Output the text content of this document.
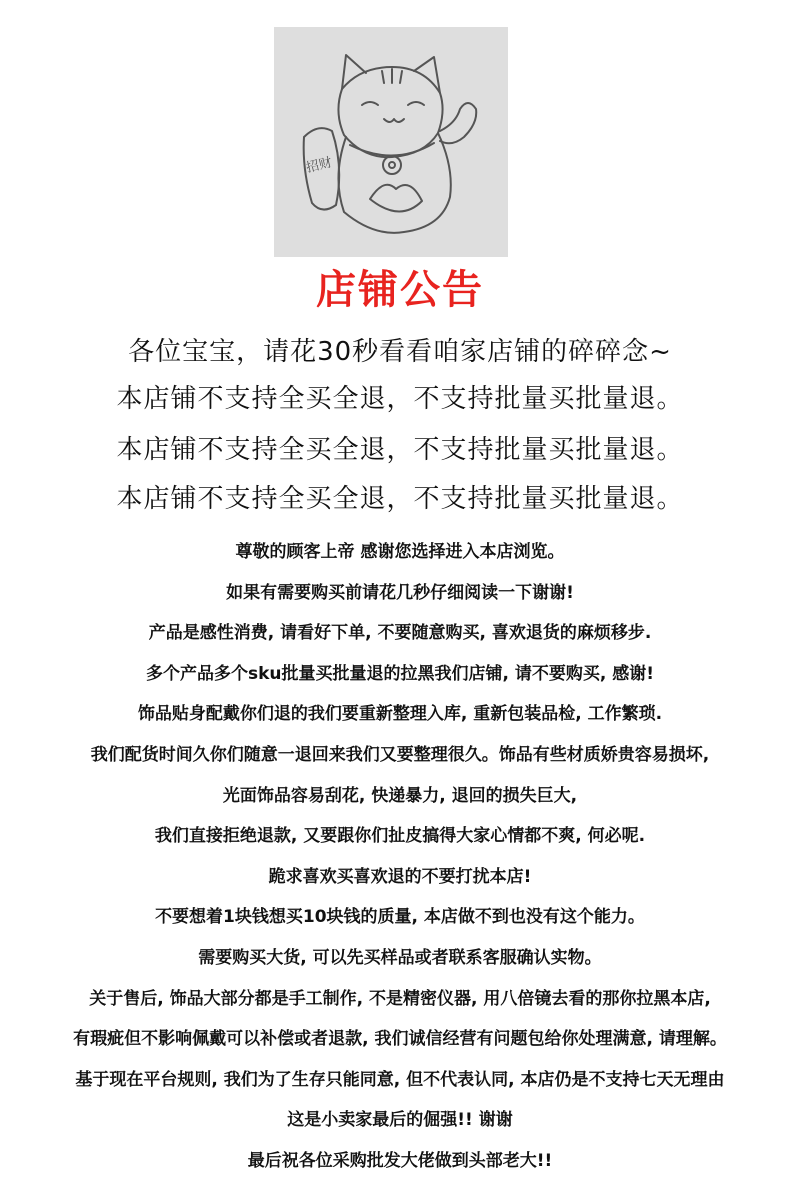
招财
店铺公告
各位宝宝，请花30秒看看咱家店铺的碎碎念~
本店铺不支持全买全退，不支持批量买批量退。
本店铺不支持全买全退，不支持批量买批量退。
本店铺不支持全买全退，不支持批量买批量退。
尊敬的顾客上帝 感谢您选择进入本店浏览。
如果有需要购买前请花几秒仔细阅读一下谢谢!
产品是感性消费, 请看好下单, 不要随意购买, 喜欢退货的麻烦移步.
多个产品多个sku批量买批量退的拉黑我们店铺, 请不要购买, 感谢!
饰品贴身配戴你们退的我们要重新整理入库, 重新包装品检, 工作繁琐.
我们配货时间久你们随意一退回来我们又要整理很久。饰品有些材质娇贵容易损坏,
光面饰品容易刮花, 快递暴力, 退回的损失巨大,
我们直接拒绝退款, 又要跟你们扯皮搞得大家心情都不爽, 何必呢.
跪求喜欢买喜欢退的不要打扰本店!
不要想着1块钱想买10块钱的质量, 本店做不到也没有这个能力。
需要购买大货, 可以先买样品或者联系客服确认实物。
关于售后, 饰品大部分都是手工制作, 不是精密仪器, 用八倍镜去看的那你拉黑本店,
有瑕疵但不影响佩戴可以补偿或者退款, 我们诚信经营有问题包给你处理满意, 请理解。
基于现在平台规则, 我们为了生存只能同意, 但不代表认同, 本店仍是不支持七天无理由
这是小卖家最后的倔强!! 谢谢
最后祝各位采购批发大佬做到头部老大!!
